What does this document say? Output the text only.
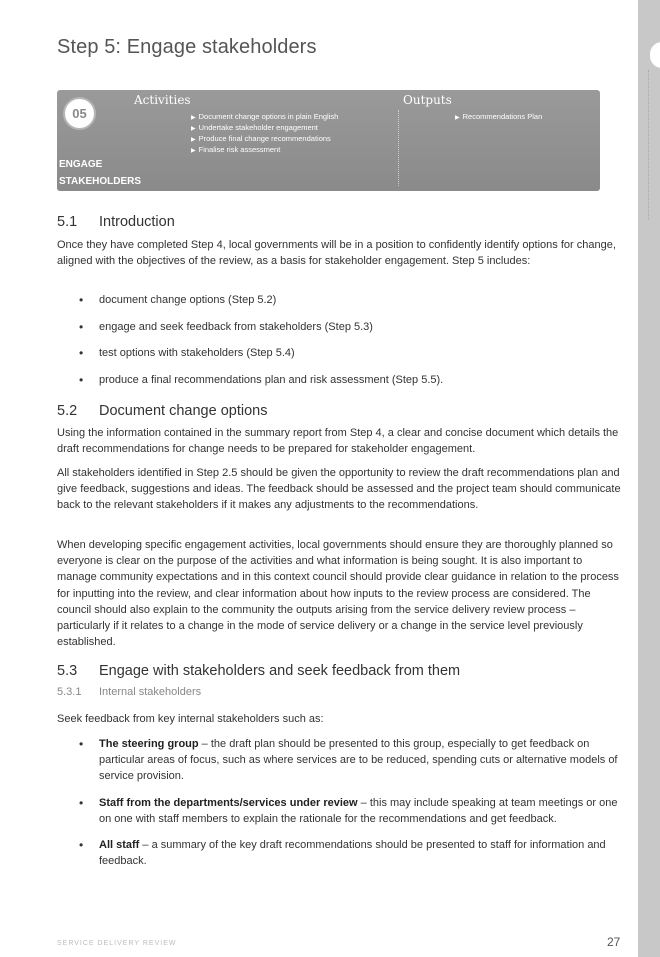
Step 5: Engage stakeholders
05
Activities	Outputs
▶ Document change options in plain English
▶ Undertake stakeholder engagement
▶ Produce final change recommendations
▶ Finalise risk assessment
▶ Recommendations Plan
ENGAGE
STAKEHOLDERS
5.1 Introduction

Once they have completed Step 4, local governments will be in a position to confidently identify options for change, aligned with the objectives of the review, as a basis for stakeholder engagement. Step 5 includes:

• document change options (Step 5.2)
• engage and seek feedback from stakeholders (Step 5.3)
• test options with stakeholders (Step 5.4)
• produce a final recommendations plan and risk assessment (Step 5.5).
5.2 Document change options

Using the information contained in the summary report from Step 4, a clear and concise document which details the draft recommendations for change needs to be prepared for stakeholder engagement.

All stakeholders identified in Step 2.5 should be given the opportunity to review the draft recommendations plan and give feedback, suggestions and ideas. The feedback should be assessed and the project team should communicate back to the relevant stakeholders if it makes any adjustments to the recommendations.

When developing specific engagement activities, local governments should ensure they are thoroughly planned so everyone is clear on the purpose of the activities and what information is being sought. It is also important to manage community expectations and in this context council should provide clear guidance in relation to the process for inputting into the review, and clear information about how inputs to the review process are considered. The council should also explain to the community the outputs arising from the service delivery review process – particularly if it relates to a change in the mode of service delivery or a change in the service level previously established.

5.3 Engage with stakeholders and seek feedback from them
5.3.1 Internal stakeholders

Seek feedback from key internal stakeholders such as:

• The steering group – the draft plan should be presented to this group, especially to get feedback on particular areas of focus, such as where services are to be reduced, spending cuts or alternative models of service provision.
• Staff from the departments/services under review – this may include speaking at team meetings or one on one with staff members to explain the rationale for the recommendations and get feedback.
• All staff – a summary of the key draft recommendations should be presented to staff for information and feedback.
SERVICE DELIVERY REVIEW	27
